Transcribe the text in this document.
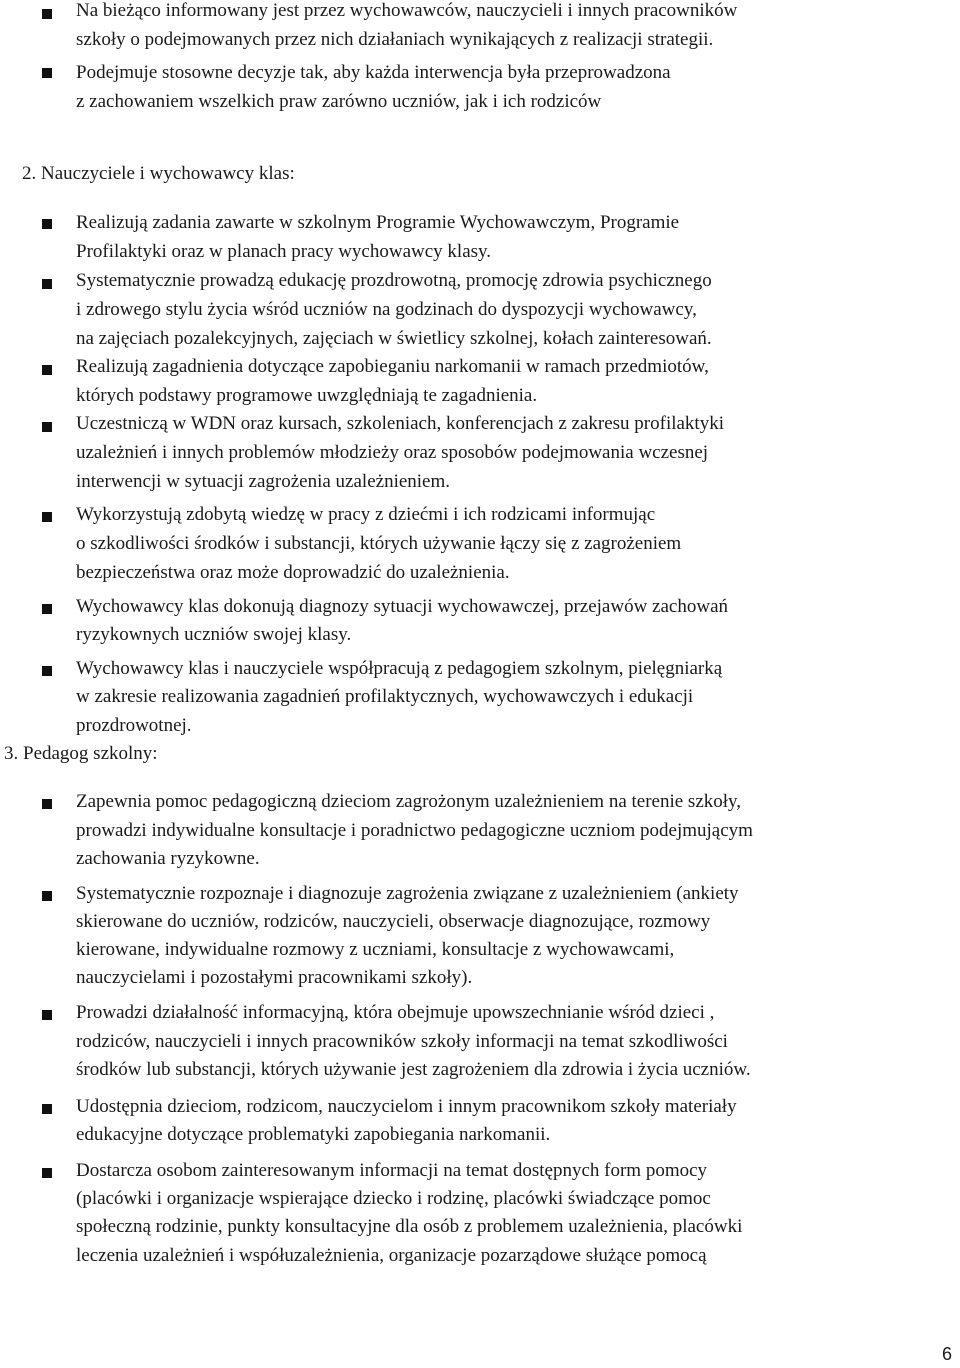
Na bieżąco informowany jest przez wychowawców, nauczycieli i innych pracowników
szkoły o podejmowanych przez nich działaniach wynikających z realizacji strategii.
Podejmuje stosowne decyzje tak, aby każda interwencja była przeprowadzona
z zachowaniem wszelkich praw zarówno uczniów, jak i ich rodziców
2. Nauczyciele i wychowawcy klas:
Realizują zadania zawarte w szkolnym Programie Wychowawczym, Programie
Profilaktyki oraz w planach pracy wychowawcy klasy.
Systematycznie prowadzą edukację prozdrowotną, promocję zdrowia psychicznego
i zdrowego stylu życia wśród uczniów na godzinach do dyspozycji wychowawcy,
na zajęciach pozalekcyjnych, zajęciach w świetlicy szkolnej, kołach zainteresowań.
Realizują zagadnienia dotyczące zapobieganiu narkomanii w ramach przedmiotów,
których podstawy programowe uwzględniają te zagadnienia.
Uczestniczą w WDN oraz kursach, szkoleniach, konferencjach z zakresu profilaktyki
uzależnień i innych problemów młodzieży oraz sposobów podejmowania wczesnej
interwencji w sytuacji zagrożenia uzależnieniem.
Wykorzystują zdobytą wiedzę w pracy z dziećmi i ich rodzicami informując
o szkodliwości środków i substancji, których używanie łączy się z zagrożeniem
bezpieczeństwa oraz może doprowadzić do uzależnienia.
Wychowawcy klas dokonują diagnozy sytuacji wychowawczej, przejawów zachowań
ryzykownych uczniów swojej klasy.
Wychowawcy klas i nauczyciele współpracują z pedagogiem szkolnym, pielęgniarką
w zakresie realizowania zagadnień profilaktycznych, wychowawczych i edukacji
prozdrowotnej.
3. Pedagog szkolny:
Zapewnia pomoc pedagogiczną dzieciom zagrożonym uzależnieniem na terenie szkoły,
prowadzi indywidualne konsultacje i poradnictwo pedagogiczne uczniom podejmującym
zachowania ryzykowne.
Systematycznie rozpoznaje i diagnozuje zagrożenia związane z uzależnieniem (ankiety
skierowane do uczniów, rodziców, nauczycieli, obserwacje diagnozujące, rozmowy
kierowane, indywidualne rozmowy z uczniami, konsultacje z wychowawcami,
nauczycielami i pozostałymi pracownikami szkoły).
Prowadzi działalność informacyjną, która obejmuje upowszechnianie wśród dzieci ,
rodziców, nauczycieli i innych pracowników szkoły informacji na temat szkodliwości
środków lub substancji, których używanie jest zagrożeniem dla zdrowia i życia uczniów.
Udostępnia dzieciom, rodzicom, nauczycielom i innym pracownikom szkoły materiały
edukacyjne dotyczące problematyki zapobiegania narkomanii.
Dostarcza osobom zainteresowanym informacji na temat dostępnych form pomocy
(placówki i organizacje wspierające dziecko i rodzinę, placówki świadczące pomoc
społeczną rodzinie, punkty konsultacyjne dla osób z problemem uzależnienia, placówki
leczenia uzależnień i współuzależnienia, organizacje pozarządowe służące pomocą
6
